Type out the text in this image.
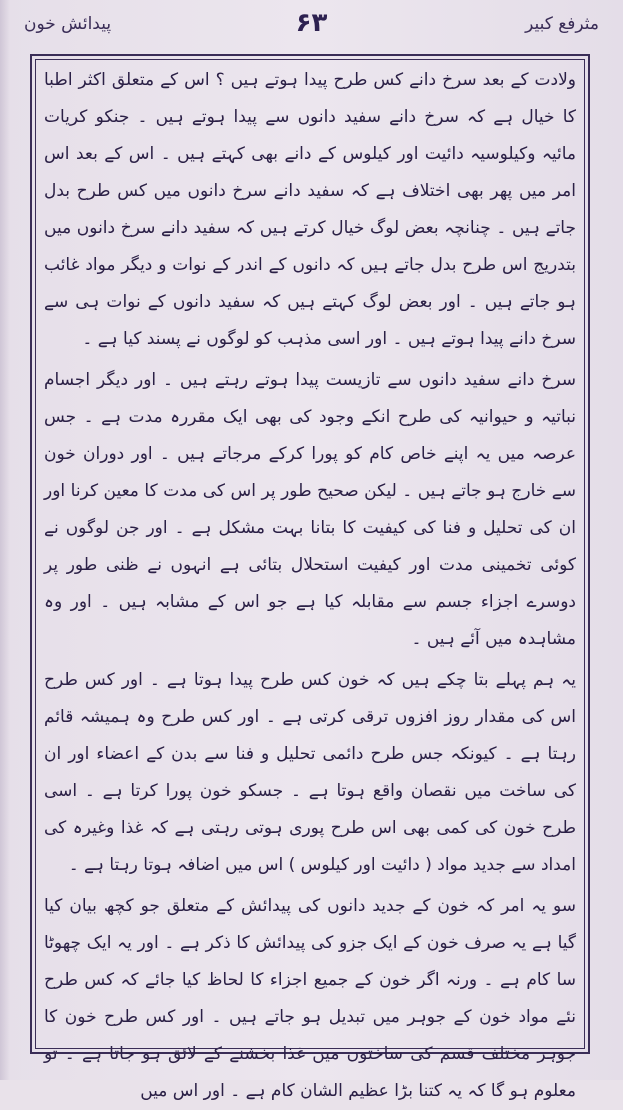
مثرفع کبیر
۶۳
پیدائش خون

ولادت کے بعد سرخ دانے کس طرح پیدا ہوتے ہیں ؟ اس کے متعلق اکثر اطبا کا خیال ہے کہ سرخ دانے سفید دانوں سے پیدا ہوتے ہیں ۔ جنکو کریات مائیہ وکیلوسیہ دائیت اور کیلوس کے دانے بھی کہتے ہیں ۔ اس کے بعد اس امر میں پھر بھی اختلاف ہے کہ سفید دانے سرخ دانوں میں کس طرح بدل جاتے ہیں ۔ چنانچہ بعض لوگ خیال کرتے ہیں کہ سفید دانے سرخ دانوں میں بتدریج اس طرح بدل جاتے ہیں کہ دانوں کے اندر کے نوات و دیگر مواد غائب ہو جاتے ہیں ۔ اور بعض لوگ کہتے ہیں کہ سفید دانوں کے نوات ہی سے سرخ دانے پیدا ہوتے ہیں ۔ اور اسی مذہب کو لوگوں نے پسند کیا ہے ۔

سرخ دانے سفید دانوں سے تازیست پیدا ہوتے رہتے ہیں ۔ اور دیگر اجسام نباتیہ و حیوانیہ کی طرح انکے وجود کی بھی ایک مقررہ مدت ہے ۔ جس عرصہ میں یہ اپنے خاص کام کو پورا کرکے مرجاتے ہیں ۔ اور دوران خون سے خارج ہو جاتے ہیں ۔ لیکن صحیح طور پر اس کی مدت کا معین کرنا اور ان کی تحلیل و فنا کی کیفیت کا بتانا بہت مشکل ہے ۔ اور جن لوگوں نے کوئی تخمینی مدت اور کیفیت استحلال بتائی ہے انہوں نے ظنی طور پر دوسرے اجزاء جسم سے مقابلہ کیا ہے جو اس کے مشابہ ہیں ۔ اور وہ مشاہدہ میں آئے ہیں ۔

یہ ہم پہلے بتا چکے ہیں کہ خون کس طرح پیدا ہوتا ہے ۔ اور کس طرح اس کی مقدار روز افزوں ترقی کرتی ہے ۔ اور کس طرح وہ ہمیشہ قائم رہتا ہے ۔ کیونکہ جس طرح دائمی تحلیل و فنا سے بدن کے اعضاء اور ان کی ساخت میں نقصان واقع ہوتا ہے ۔ جسکو خون پورا کرتا ہے ۔ اسی طرح خون کی کمی بھی اس طرح پوری ہوتی رہتی ہے کہ غذا وغیرہ کی امداد سے جدید مواد ( دائیت اور کیلوس ) اس میں اضافہ ہوتا رہتا ہے ۔

سو یہ امر کہ خون کے جدید دانوں کی پیدائش کے متعلق جو کچھ بیان کیا گیا ہے یہ صرف خون کے ایک جزو کی پیدائش کا ذکر ہے ۔ اور یہ ایک چھوٹا سا کام ہے ۔ ورنہ اگر خون کے جمیع اجزاء کا لحاظ کیا جائے کہ کس طرح نئے مواد خون کے جوہر میں تبدیل ہو جاتے ہیں ۔ اور کس طرح خون کا جوہر مختلف قسم کی ساختوں میں غذا بخشنے کے لائق ہو جاتا ہے ۔ تو معلوم ہو گا کہ یہ کتنا بڑا عظیم الشان کام ہے ۔ اور اس میں
